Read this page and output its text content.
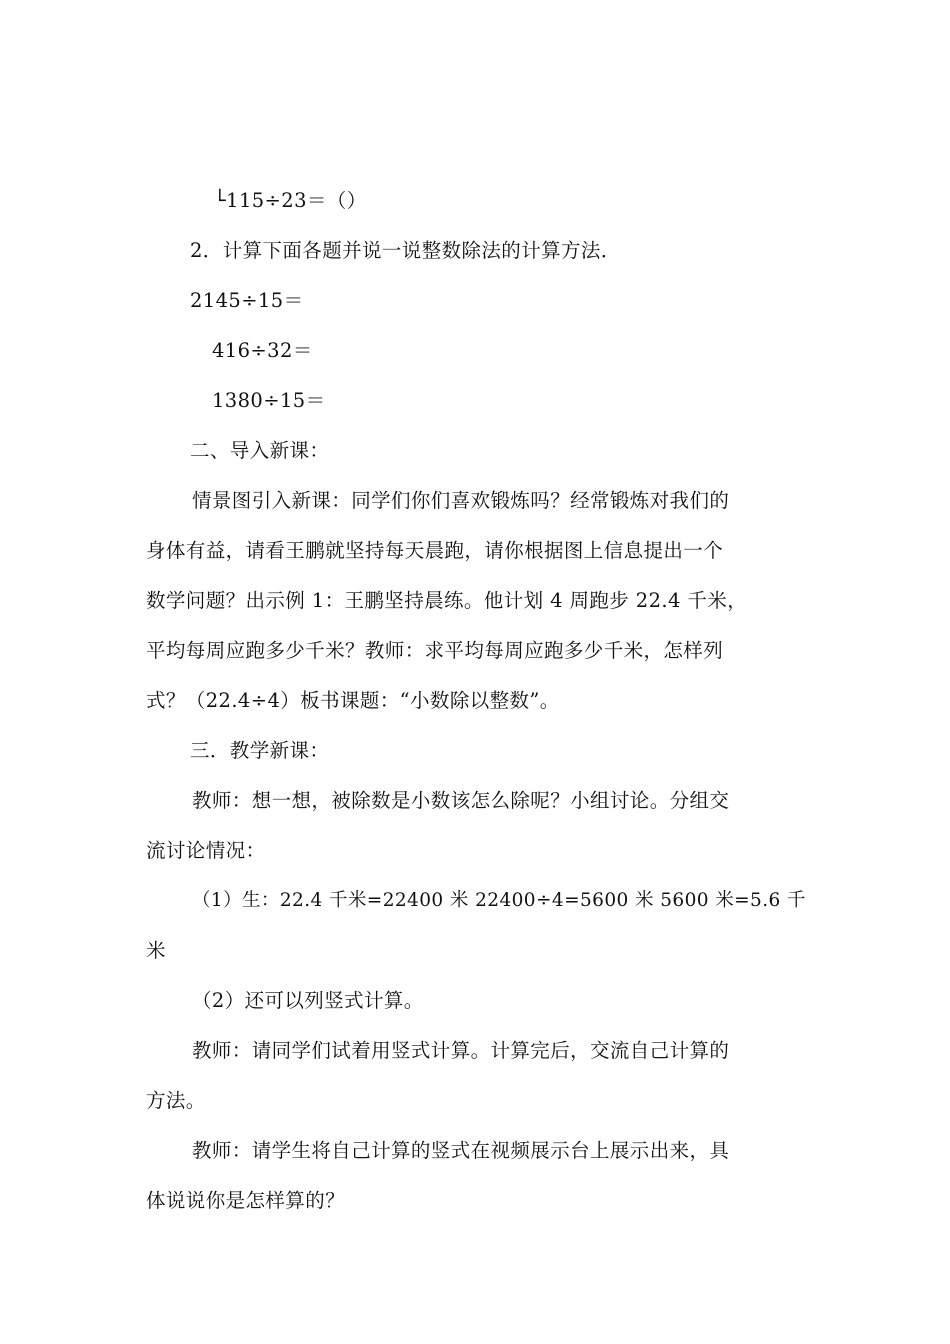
└115÷23＝（）
2．计算下面各题并说一说整数除法的计算方法．
2145÷15＝
416÷32＝
1380÷15＝
二、导入新课：
情景图引入新课：同学们你们喜欢锻炼吗？经常锻炼对我们的
身体有益，请看王鹏就坚持每天晨跑，请你根据图上信息提出一个
数学问题？出示例 1：王鹏坚持晨练。他计划 4 周跑步 22.4 千米，
平均每周应跑多少千米？教师：求平均每周应跑多少千米，怎样列
式？（22.4÷4）板书课题：“小数除以整数”。
三．教学新课：
教师：想一想，被除数是小数该怎么除呢？小组讨论。分组交
流讨论情况：
（1）生：22.4 千米=22400 米 22400÷4=5600 米 5600 米=5.6 千
米
（2）还可以列竖式计算。
教师：请同学们试着用竖式计算。计算完后，交流自己计算的
方法。
教师：请学生将自己计算的竖式在视频展示台上展示出来，具
体说说你是怎样算的？
